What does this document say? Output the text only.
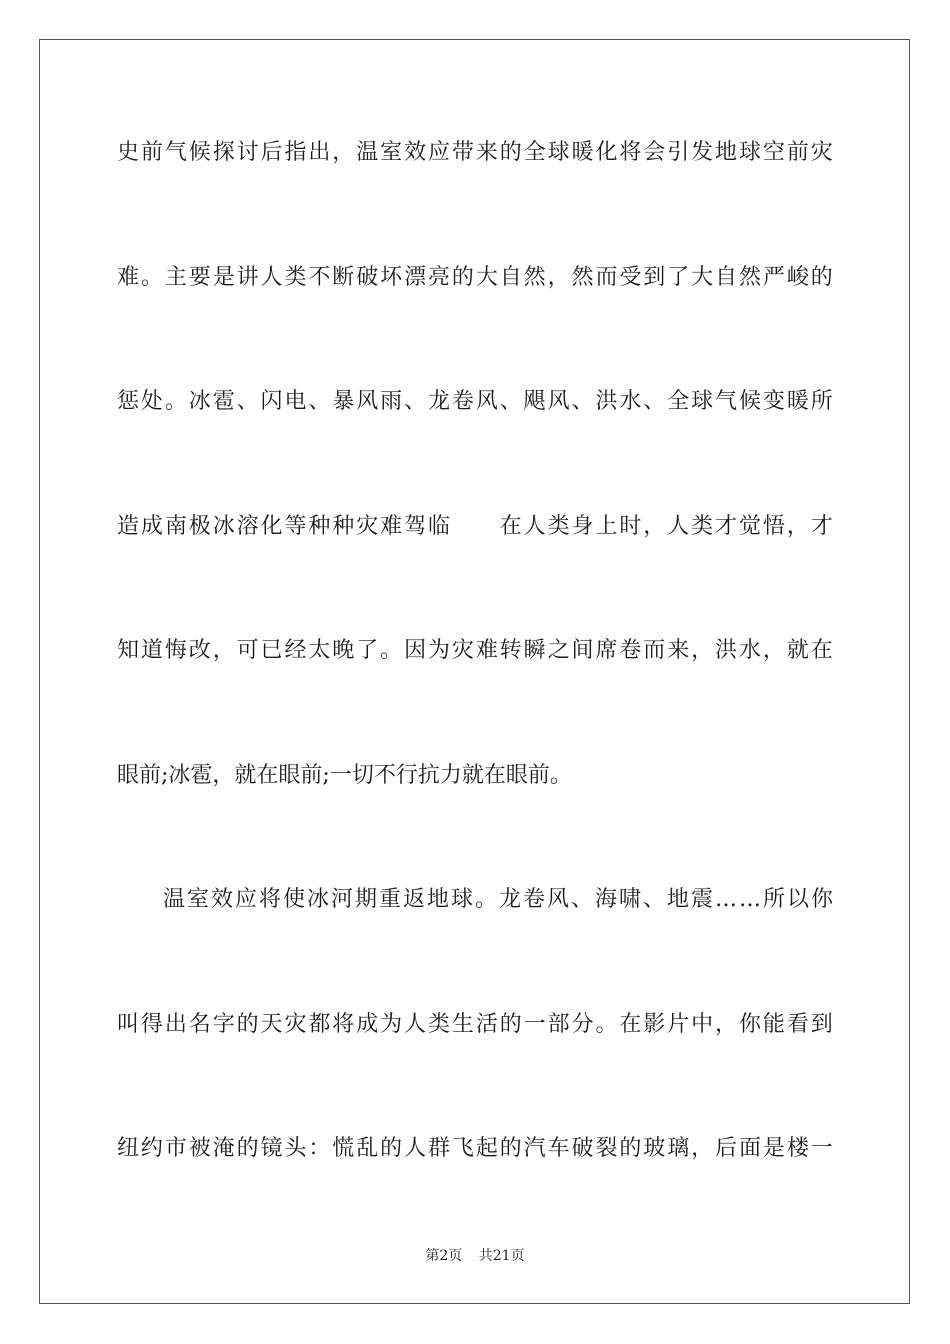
史 前 气 候 探 讨 后 指 出 ， 温 室 效 应 带 来 的 全 球 暖 化 将 会 引 发 地 球 空 前 灾
难 。 主 要 是 讲 人 类 不 断 破 坏 漂 亮 的 大 自 然 ， 然 而 受 到 了 大 自 然 严 峻 的
惩 处 。 冰 雹 、 闪 电 、 暴 风 雨 、 龙 卷 风 、 飓 风 、 洪 水 、 全 球 气 候 变 暖 所
造 成 南 极 冰 溶 化 等 种 种 灾 难 驾 临

　 在 人 类 身 上 时 ， 人 类 才 觉 悟 ， 才
知 道 悔 改 ， 可 已 经 太 晚 了 。 因 为 灾 难 转 瞬 之 间 席 卷 而 来 ， 洪 水 ， 就 在
眼前;冰雹，就在眼前;一切不行抗力就在眼前。
温 室 效 应 将 使 冰 河 期 重 返 地 球 。 龙 卷 风 、 海 啸 、 地 震 … … 所 以 你
叫 得 出 名 字 的 天 灾 都 将 成 为 人 类 生 活 的 一 部 分 。 在 影 片 中 ， 你 能 看 到
纽 约 市 被 淹 的 镜 头 ： 慌 乱 的 人 群 飞 起 的 汽 车 破 裂 的 玻 璃 ， 后 面 是 楼 一
第2页 共21页
